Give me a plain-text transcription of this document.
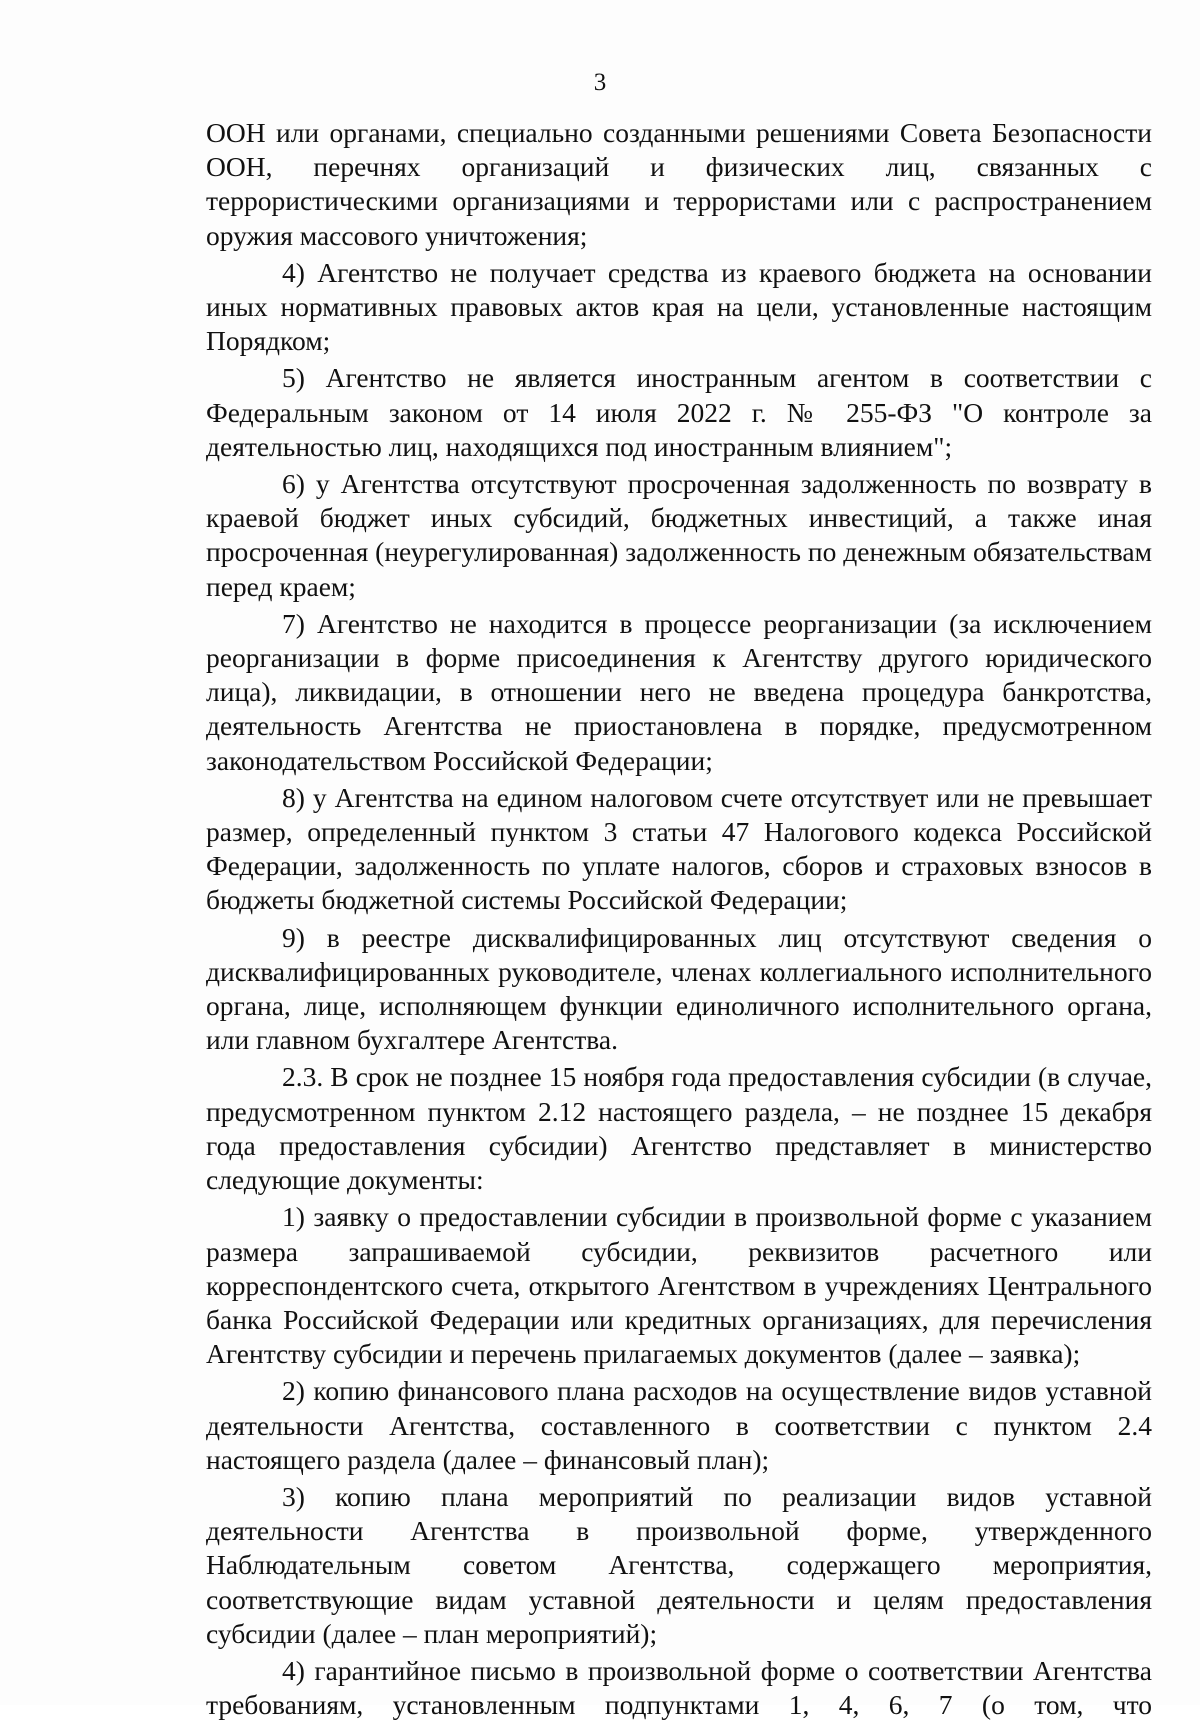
3

ООН или органами, специально созданными решениями Совета Безопасности ООН, перечнях организаций и физических лиц, связанных с террористическими организациями и террористами или с распространением оружия массового уничтожения;

4) Агентство не получает средства из краевого бюджета на основании иных нормативных правовых актов края на цели, установленные настоящим Порядком;

5) Агентство не является иностранным агентом в соответствии с Федеральным законом от 14 июля 2022 г. № 255-ФЗ "О контроле за деятельностью лиц, находящихся под иностранным влиянием";

6) у Агентства отсутствуют просроченная задолженность по возврату в краевой бюджет иных субсидий, бюджетных инвестиций, а также иная просроченная (неурегулированная) задолженность по денежным обязательствам перед краем;

7) Агентство не находится в процессе реорганизации (за исключением реорганизации в форме присоединения к Агентству другого юридического лица), ликвидации, в отношении него не введена процедура банкротства, деятельность Агентства не приостановлена в порядке, предусмотренном законодательством Российской Федерации;

8) у Агентства на едином налоговом счете отсутствует или не превышает размер, определенный пунктом 3 статьи 47 Налогового кодекса Российской Федерации, задолженность по уплате налогов, сборов и страховых взносов в бюджеты бюджетной системы Российской Федерации;

9) в реестре дисквалифицированных лиц отсутствуют сведения о дисквалифицированных руководителе, членах коллегиального исполнительного органа, лице, исполняющем функции единоличного исполнительного органа, или главном бухгалтере Агентства.

2.3. В срок не позднее 15 ноября года предоставления субсидии (в случае, предусмотренном пунктом 2.12 настоящего раздела, – не позднее 15 декабря года предоставления субсидии) Агентство представляет в министерство следующие документы:

1) заявку о предоставлении субсидии в произвольной форме с указанием размера запрашиваемой субсидии, реквизитов расчетного или корреспондентского счета, открытого Агентством в учреждениях Центрального банка Российской Федерации или кредитных организациях, для перечисления Агентству субсидии и перечень прилагаемых документов (далее – заявка);

2) копию финансового плана расходов на осуществление видов уставной деятельности Агентства, составленного в соответствии с пунктом 2.4 настоящего раздела (далее – финансовый план);

3) копию плана мероприятий по реализации видов уставной деятельности Агентства в произвольной форме, утвержденного Наблюдательным советом Агентства, содержащего мероприятия, соответствующие видам уставной деятельности и целям предоставления субсидии (далее – план мероприятий);

4) гарантийное письмо в произвольной форме о соответствии Агентства требованиям, установленным подпунктами 1, 4, 6, 7 (о том, что
